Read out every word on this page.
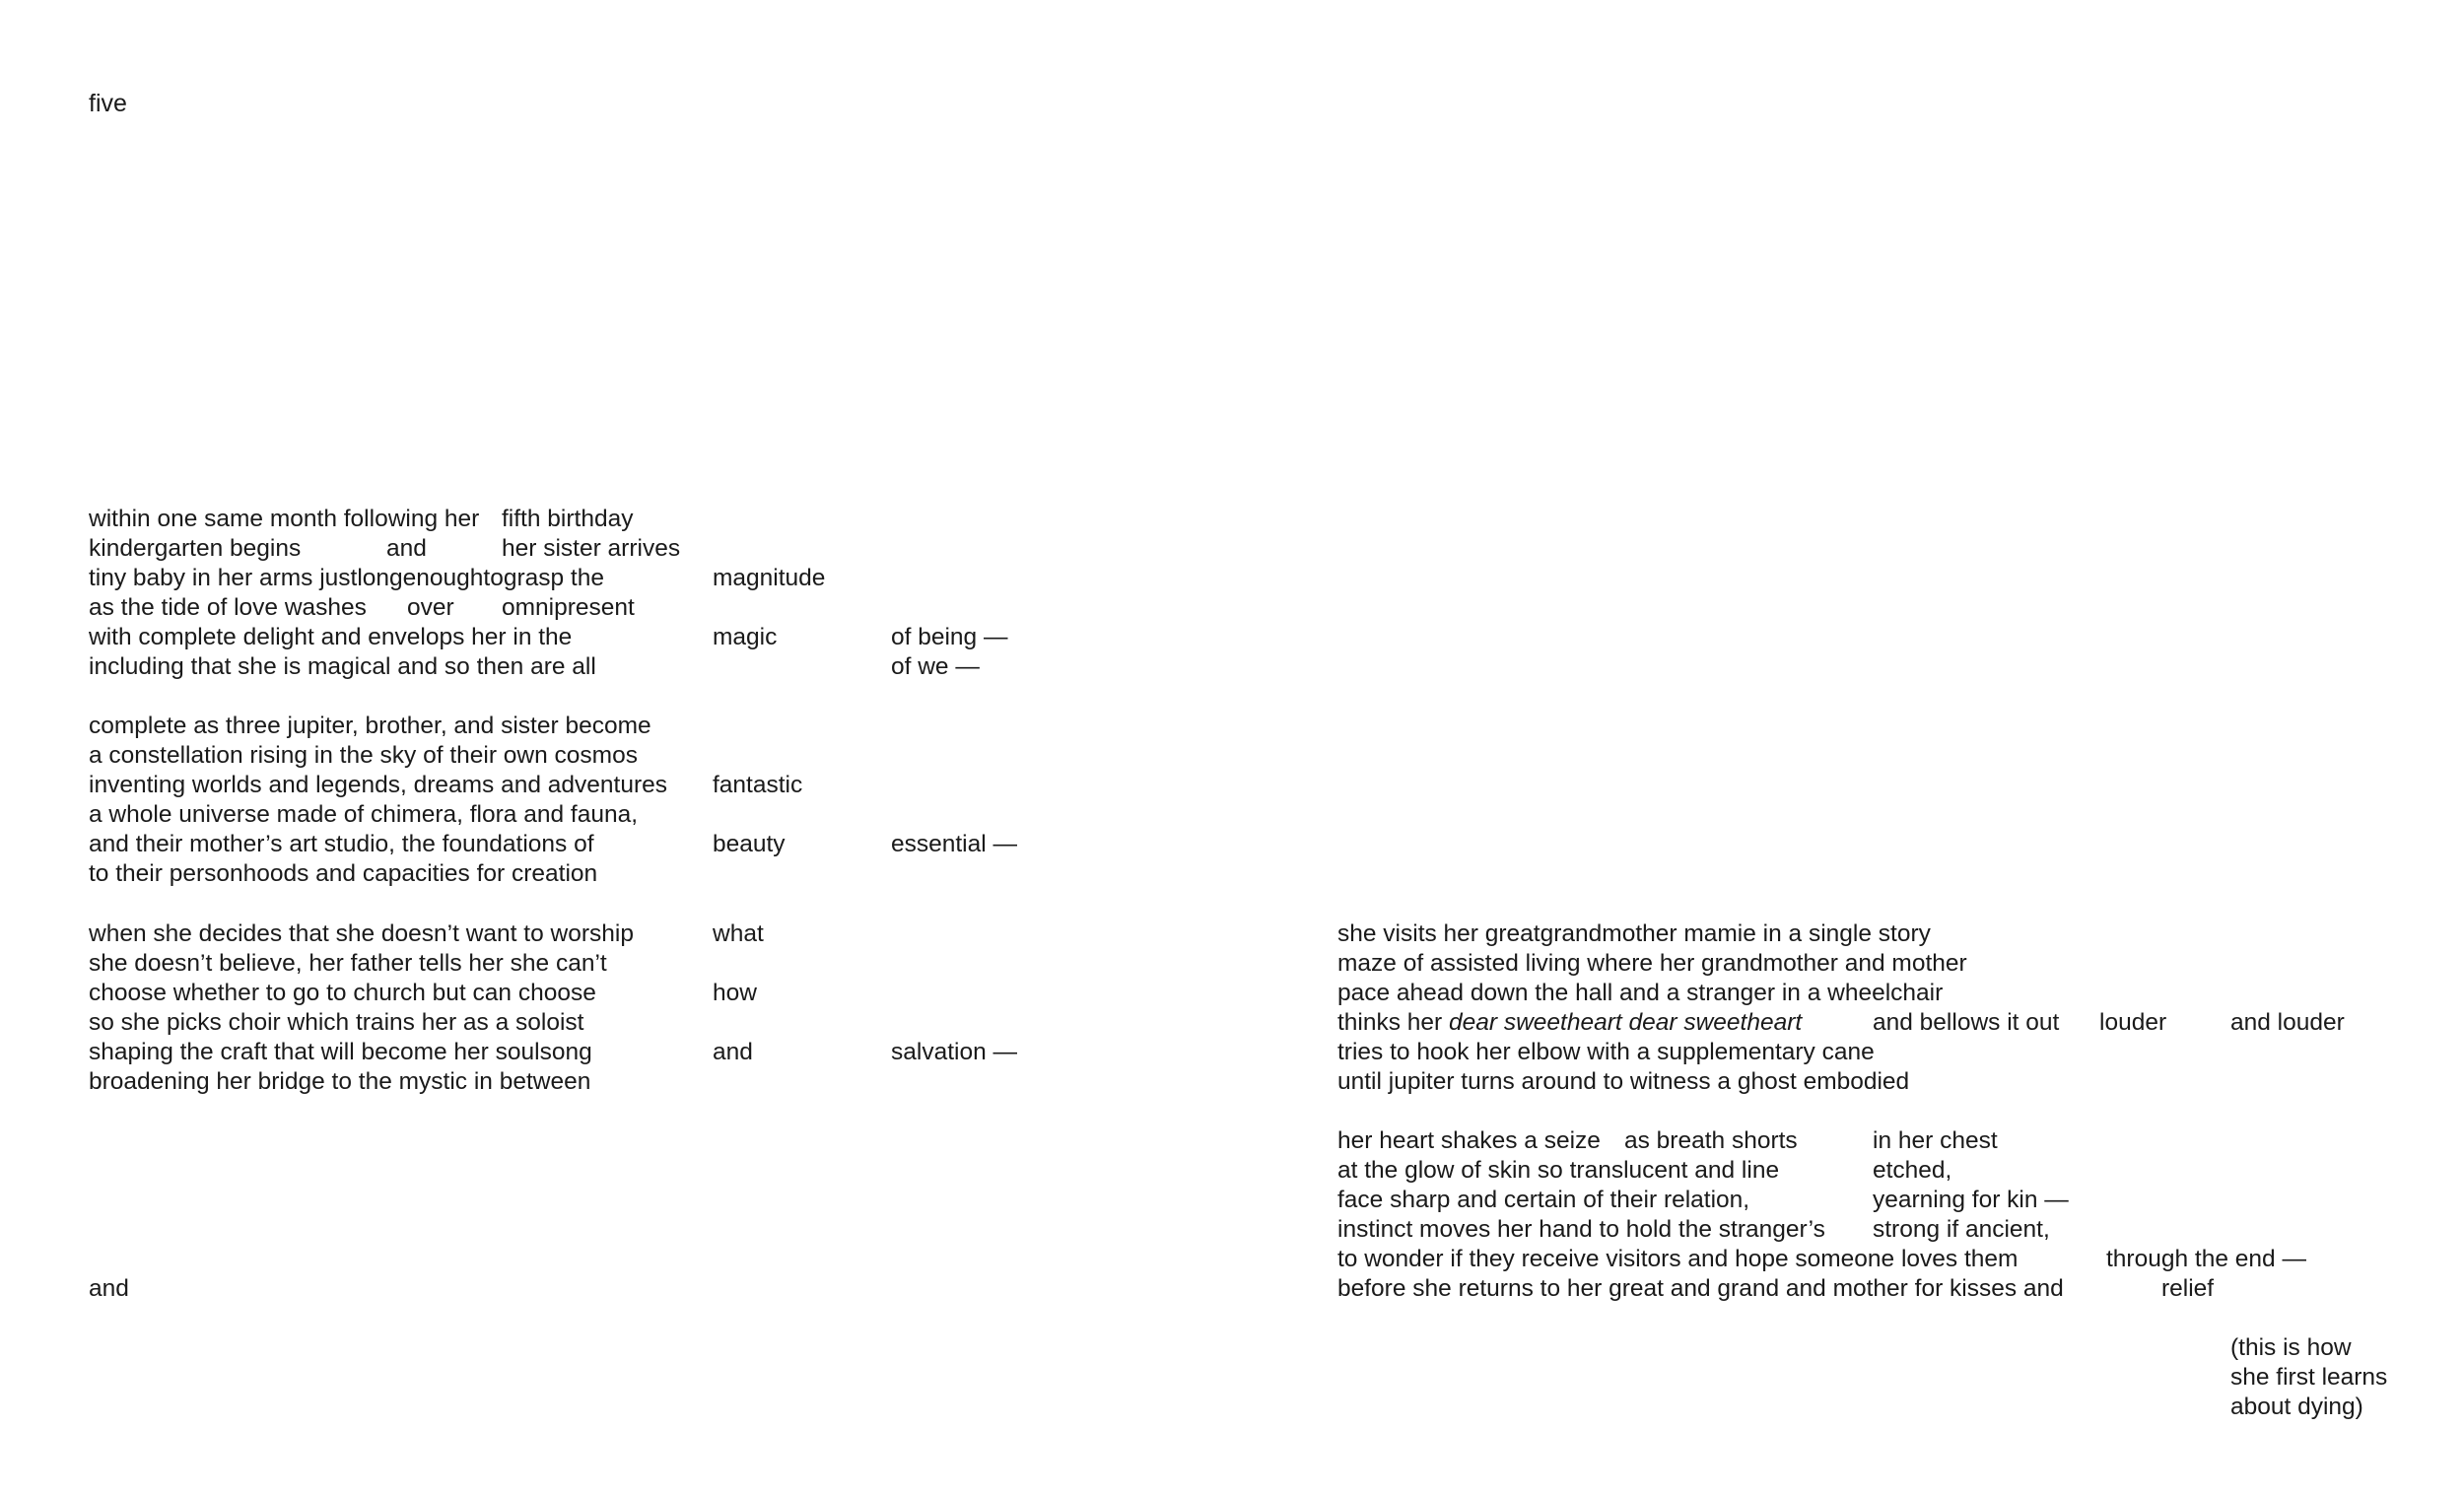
five
within one same month following her fifth birthday
kindergarten begins	and	her sister arrives
tiny baby in her arms justlongenoughtograsp the	magnitude
as the tide of love washes over omnipresent
with complete delight and envelops her in the	magic	of being —
including that she is magical and so then are all	of we —
complete as three jupiter, brother, and sister become
a constellation rising in the sky of their own cosmos
inventing worlds and legends, dreams and adventures fantastic
a whole universe made of chimera, flora and fauna,
and their mother’s art studio, the foundations of	beauty	essential —
to their personhoods and capacities for creation
when she decides that she doesn’t want to worship	what
she doesn’t believe, her father tells her she can’t
choose whether to go to church but can choose	how
so she picks choir which trains her as a soloist
shaping the craft that will become her soulsong	and	salvation —
broadening her bridge to the mystic in between
she visits her greatgrandmother mamie in a single story
maze of assisted living where her grandmother and mother
pace ahead down the hall and a stranger in a wheelchair
thinks her dear sweetheart dear sweetheart	and bellows it out louder	and louder
tries to hook her elbow with a supplementary cane
until jupiter turns around to witness a ghost embodied
her heart shakes a seize as breath shorts	in her chest
at the glow of skin so translucent and line	etched,
face sharp and certain of their relation,	yearning for kin —
instinct moves her hand to hold the stranger’s strong if ancient,
to wonder if they receive visitors and hope someone loves them	through the end —
before she returns to her great and grand and mother for kisses and	relief
and
(this is how
she first learns
about dying)
